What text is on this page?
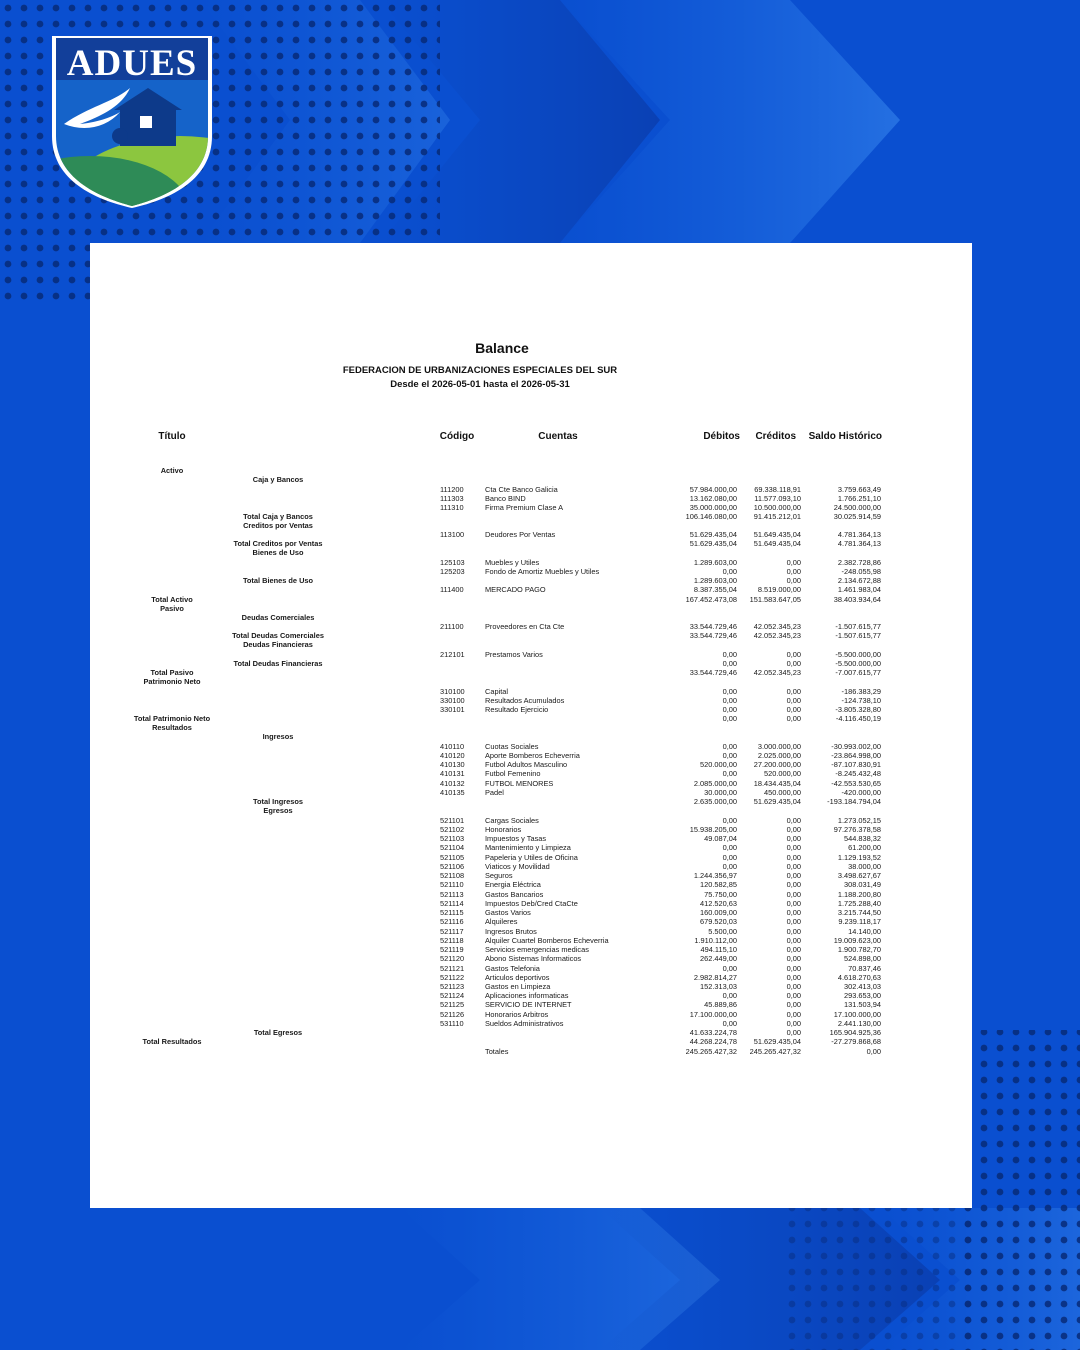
ADUES
Balance
FEDERACION DE URBANIZACIONES ESPECIALES DEL SUR
Desde el 2026-05-01 hasta el 2026-05-31
Título	Código	Cuentas	Débitos	Créditos	Saldo Histórico
Activo
Caja y Bancos
111200	Cta Cte Banco Galicia	57.984.000,00	69.338.118,91	3.759.663,49
111303	Banco BIND	13.162.080,00	11.577.093,10	1.766.251,10
111310	Firma Premium Clase A	35.000.000,00	10.500.000,00	24.500.000,00
Total Caja y Bancos	106.146.080,00	91.415.212,01	30.025.914,59
Creditos por Ventas
113100	Deudores Por Ventas	51.629.435,04	51.649.435,04	4.781.364,13
Total Creditos por Ventas	51.629.435,04	51.649.435,04	4.781.364,13
Bienes de Uso
125103	Muebles y Utiles	1.289.603,00	0,00	2.382.728,86
125203	Fondo de Amortiz Muebles y Utiles	0,00	0,00	-248.055,98
Total Bienes de Uso	1.289.603,00	0,00	2.134.672,88
111400	MERCADO PAGO	8.387.355,04	8.519.000,00	1.461.983,04
Total Activo	167.452.473,08	151.583.647,05	38.403.934,64
Pasivo
Deudas Comerciales
211100	Proveedores en Cta Cte	33.544.729,46	42.052.345,23	-1.507.615,77
Total Deudas Comerciales	33.544.729,46	42.052.345,23	-1.507.615,77
Deudas Financieras
212101	Prestamos Varios	0,00	0,00	-5.500.000,00
Total Deudas Financieras	0,00	0,00	-5.500.000,00
Total Pasivo	33.544.729,46	42.052.345,23	-7.007.615,77
Patrimonio Neto
310100	Capital	0,00	0,00	-186.383,29
330100	Resultados Acumulados	0,00	0,00	-124.738,10
330101	Resultado Ejercicio	0,00	0,00	-3.805.328,80
Total Patrimonio Neto	0,00	0,00	-4.116.450,19
Resultados
Ingresos
410110	Cuotas Sociales	0,00	3.000.000,00	-30.993.002,00
410120	Aporte Bomberos Echeverria	0,00	2.025.000,00	-23.864.998,00
410130	Futbol Adultos Masculino	520.000,00	27.200.000,00	-87.107.830,91
410131	Futbol Femenino	0,00	520.000,00	-8.245.432,48
410132	FUTBOL MENORES	2.085.000,00	18.434.435,04	-42.553.530,65
410135	Padel	30.000,00	450.000,00	-420.000,00
Total Ingresos	2.635.000,00	51.629.435,04	-193.184.794,04
Egresos
521101	Cargas Sociales	0,00	0,00	1.273.052,15
521102	Honorarios	15.938.205,00	0,00	97.276.378,58
521103	Impuestos y Tasas	49.087,04	0,00	544.838,32
521104	Mantenimiento y Limpieza	0,00	0,00	61.200,00
521105	Papeleria y Utiles de Oficina	0,00	0,00	1.129.193,52
521106	Viaticos y Movilidad	0,00	0,00	38.000,00
521108	Seguros	1.244.356,97	0,00	3.498.627,67
521110	Energia Eléctrica	120.582,85	0,00	308.031,49
521113	Gastos Bancarios	75.750,00	0,00	1.188.200,80
521114	Impuestos Deb/Cred CtaCte	412.520,63	0,00	1.725.288,40
521115	Gastos Varios	160.009,00	0,00	3.215.744,50
521116	Alquileres	679.520,03	0,00	9.239.118,17
521117	Ingresos Brutos	5.500,00	0,00	14.140,00
521118	Alquiler Cuartel Bomberos Echeverria	1.910.112,00	0,00	19.009.623,00
521119	Servicios emergencias medicas	494.115,10	0,00	1.900.782,70
521120	Abono Sistemas Informaticos	262.449,00	0,00	524.898,00
521121	Gastos Telefonia	0,00	0,00	70.837,46
521122	Articulos deportivos	2.982.814,27	0,00	4.618.270,63
521123	Gastos en Limpieza	152.313,03	0,00	302.413,03
521124	Aplicaciones informaticas	0,00	0,00	293.653,00
521125	SERVICIO DE INTERNET	45.889,86	0,00	131.503,94
521126	Honorarios Arbitros	17.100.000,00	0,00	17.100.000,00
531110	Sueldos Administrativos	0,00	0,00	2.441.130,00
Total Egresos	41.633.224,78	0,00	165.904.925,36
Total Resultados	44.268.224,78	51.629.435,04	-27.279.868,68
Totales	245.265.427,32	245.265.427,32	0,00
